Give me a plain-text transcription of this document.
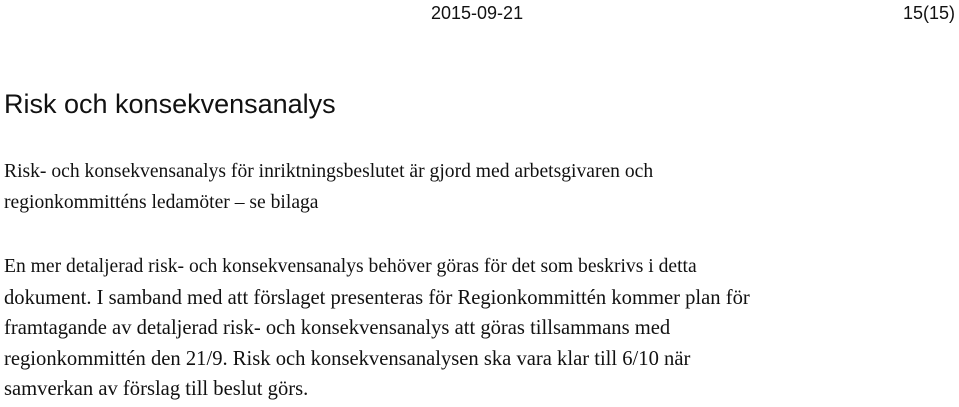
2015-09-21	15(15)
Risk och konsekvensanalys

Risk- och konsekvensanalys för inriktningsbeslutet är gjord med arbetsgivaren och
regionkommitténs ledamöter – se bilaga

En mer detaljerad risk- och konsekvensanalys behöver göras för det som beskrivs i detta
dokument. I samband med att förslaget presenteras för Regionkommittén kommer plan för
framtagande av detaljerad risk- och konsekvensanalys att göras tillsammans med
regionkommittén den 21/9. Risk och konsekvensanalysen ska vara klar till 6/10 när
samverkan av förslag till beslut görs.
